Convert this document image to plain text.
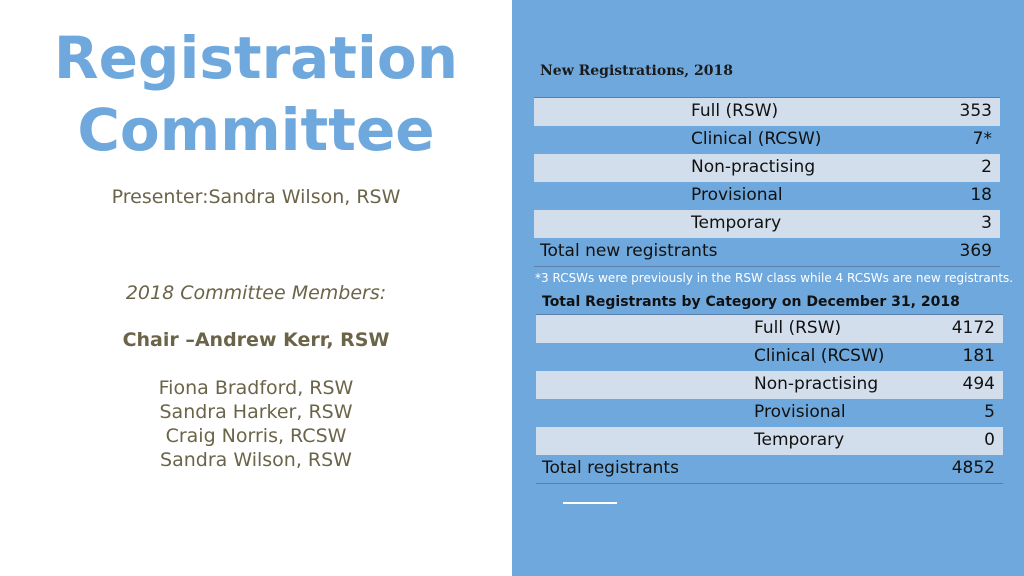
Registration
Committee
Presenter:Sandra Wilson, RSW
2018 Committee Members:
Chair –Andrew Kerr, RSW
Fiona Bradford, RSW
Sandra Harker, RSW
Craig Norris, RCSW
Sandra Wilson, RSW
New Registrations, 2018
Full (RSW)	353
Clinical (RCSW)	7*
Non-practising	2
Provisional	18
Temporary	3
Total new registrants	369
*3 RCSWs were previously in the RSW class while 4 RCSWs are new registrants.
Total Registrants by Category on December 31, 2018
Full (RSW)	4172
Clinical (RCSW)	181
Non-practising	494
Provisional	5
Temporary	0
Total registrants	4852
